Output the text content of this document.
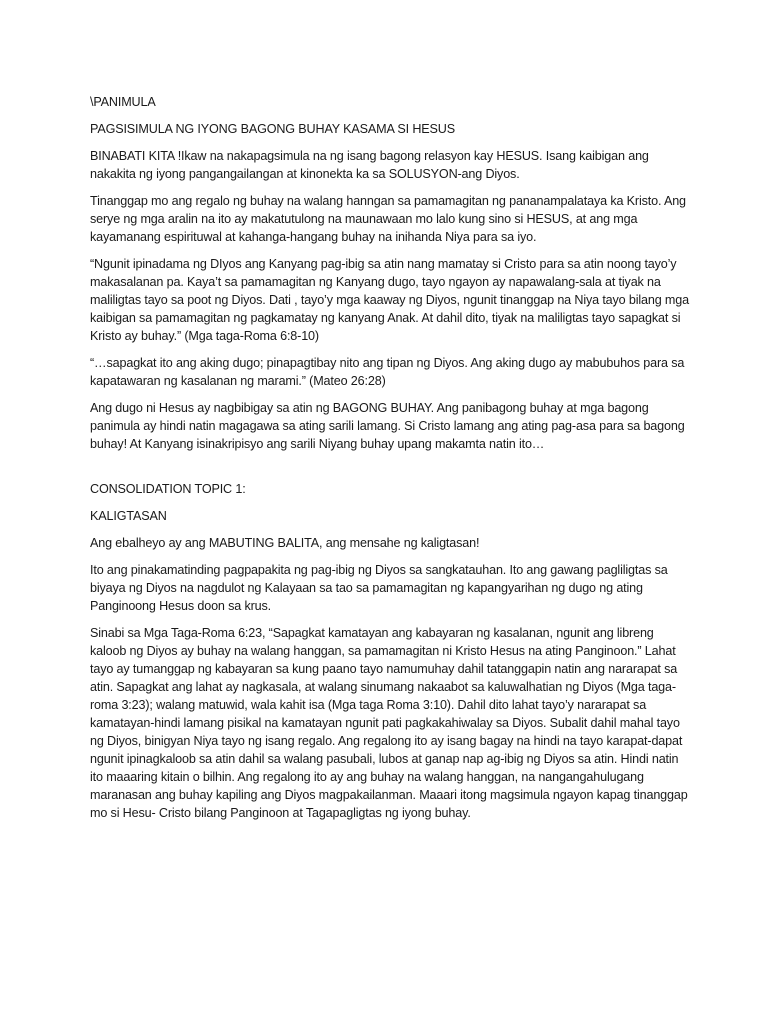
\PANIMULA

PAGSISIMULA NG IYONG BAGONG BUHAY KASAMA SI HESUS

BINABATI KITA !Ikaw na nakapagsimula na ng isang bagong relasyon kay HESUS. Isang kaibigan ang nakakita ng iyong pangangailangan at kinonekta ka sa SOLUSYON-ang Diyos.

Tinanggap mo ang regalo ng buhay na walang hanngan sa pamamagitan ng pananampalataya ka Kristo. Ang serye ng mga aralin na ito ay makatutulong na maunawaan mo lalo kung sino si HESUS, at ang mga kayamanang espirituwal at kahanga-hangang buhay na inihanda Niya para sa iyo.

“Ngunit ipinadama ng DIyos ang Kanyang pag-ibig sa atin nang mamatay si Cristo para sa atin noong tayo’y makasalanan pa. Kaya’t sa pamamagitan ng Kanyang dugo, tayo ngayon ay napawalang-sala at tiyak na maliligtas tayo sa poot ng Diyos. Dati , tayo’y mga kaaway ng Diyos, ngunit tinanggap na Niya tayo bilang mga kaibigan sa pamamagitan ng pagkamatay ng kanyang Anak. At dahil dito, tiyak na maliligtas tayo sapagkat si Kristo ay buhay.” (Mga taga-Roma 6:8-10)

“…sapagkat ito ang aking dugo; pinapagtibay nito ang tipan ng Diyos. Ang aking dugo ay mabubuhos para sa kapatawaran ng kasalanan ng marami.” (Mateo 26:28)

Ang dugo ni Hesus ay nagbibigay sa atin ng BAGONG BUHAY. Ang panibagong buhay at mga bagong panimula ay hindi natin magagawa sa ating sarili lamang. Si Cristo lamang ang ating pag-asa para sa bagong buhay! At Kanyang isinakripisyo ang sarili Niyang buhay upang makamta natin ito…

CONSOLIDATION TOPIC 1:

KALIGTASAN

Ang ebalheyo ay ang MABUTING BALITA, ang mensahe ng kaligtasan!

Ito ang pinakamatinding pagpapakita ng pag-ibig ng Diyos sa sangkatauhan. Ito ang gawang pagliligtas sa biyaya ng Diyos na nagdulot ng Kalayaan sa tao sa pamamagitan ng kapangyarihan ng dugo ng ating Panginoong Hesus doon sa krus.

Sinabi sa Mga Taga-Roma 6:23, “Sapagkat kamatayan ang kabayaran ng kasalanan, ngunit ang libreng kaloob ng Diyos ay buhay na walang hanggan, sa pamamagitan ni Kristo Hesus na ating Panginoon.” Lahat tayo ay tumanggap ng kabayaran sa kung paano tayo namumuhay dahil tatanggapin natin ang nararapat sa atin. Sapagkat ang lahat ay nagkasala, at walang sinumang nakaabot sa kaluwalhatian ng Diyos (Mga taga-roma 3:23); walang matuwid, wala kahit isa (Mga taga Roma 3:10). Dahil dito lahat tayo’y nararapat sa kamatayan-hindi lamang pisikal na kamatayan ngunit pati pagkakahiwalay sa Diyos. Subalit dahil mahal tayo ng Diyos, binigyan Niya tayo ng isang regalo. Ang regalong ito ay isang bagay na hindi na tayo karapat-dapat ngunit ipinagkaloob sa atin dahil sa walang pasubali, lubos at ganap nap ag-ibig ng Diyos sa atin. Hindi natin ito maaaring kitain o bilhin. Ang regalong ito ay ang buhay na walang hanggan, na nangangahulugang maranasan ang buhay kapiling ang Diyos magpakailanman. Maaari itong magsimula ngayon kapag tinanggap mo si Hesu- Cristo bilang Panginoon at Tagapagligtas ng iyong buhay.
